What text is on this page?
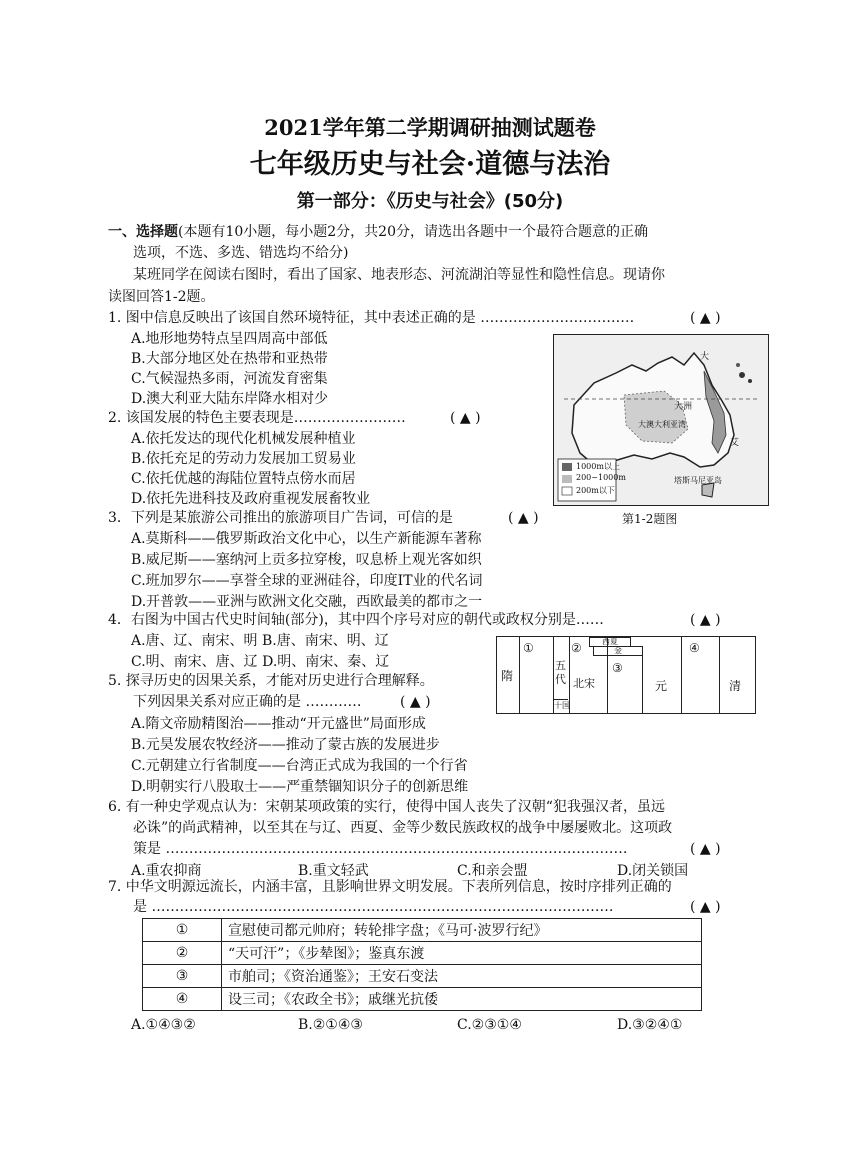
2021学年第二学期调研抽测试题卷
七年级历史与社会·道德与法治
第一部分：《历史与社会》(50分)
一、选择题(本题有10小题，每小题2分，共20分，请选出各题中一个最符合题意的正确
选项，不选、多选、错选均不给分)
某班同学在阅读右图时，看出了国家、地表形态、河流湖泊等显性和隐性信息。现请你
读图回答1-2题。
1. 图中信息反映出了该国自然环境特征，其中表述正确的是 ……………………………	( ▲ )
A.地形地势特点呈四周高中部低
B.大部分地区处在热带和亚热带
C.气候湿热多雨，河流发育密集
D.澳大利亚大陆东岸降水相对少
2. 该国发展的特色主要表现是……………………	( ▲ )
A.依托发达的现代化机械发展种植业
B.依托充足的劳动力发展加工贸易业
C.依托优越的海陆位置特点傍水而居
D.依托先进科技及政府重视发展畜牧业
大
大洲
大澳大利亚湾
塔斯马尼亚岛
艾
1000m以上
200~1000m
200m以下
第1-2题图
3．下列是某旅游公司推出的旅游项目广告词，可信的是	( ▲ )
A.莫斯科——俄罗斯政治文化中心，以生产新能源车著称
B.威尼斯——塞纳河上贡多拉穿梭，叹息桥上观光客如织
C.班加罗尔——享誉全球的亚洲硅谷，印度IT业的代名词
D.开普敦——亚洲与欧洲文化交融，西欧最美的都市之一
4．右图为中国古代史时间轴(部分)，其中四个序号对应的朝代或政权分别是……	( ▲ )
A.唐、辽、南宋、明 B.唐、南宋、明、辽
C.明、南宋、唐、辽 D.明、南宋、秦、辽
隋
①
五代
十国
②
北宋
西夏
金
③
元
④
清
5. 探寻历史的因果关系，才能对历史进行合理解释。
下列因果关系对应正确的是 …………	( ▲ )
A.隋文帝励精图治——推动“开元盛世”局面形成
B.元昊发展农牧经济——推动了蒙古族的发展进步
C.元朝建立行省制度——台湾正式成为我国的一个行省
D.明朝实行八股取士——严重禁锢知识分子的创新思维
6. 有一种史学观点认为：宋朝某项政策的实行，使得中国人丧失了汉朝“犯我强汉者，虽远
必诛”的尚武精神，以至其在与辽、西夏、金等少数民族政权的战争中屡屡败北。这项政
策是 ………………………………………………………………………………………	( ▲ )
A.重农抑商	B.重文轻武	C.和亲会盟	D.闭关锁国
7. 中华文明源远流长，内涵丰富，且影响世界文明发展。下表所列信息，按时序排列正确的
是 ………………………………………………………………………………………	( ▲ )
①	宣慰使司都元帅府；转轮排字盘；《马可·波罗行纪》
②	“天可汗”；《步辇图》；鉴真东渡
③	市舶司；《资治通鉴》；王安石变法
④	设三司；《农政全书》；戚继光抗倭
A.①④③②	B.②①④③	C.②③①④	D.③②④①
